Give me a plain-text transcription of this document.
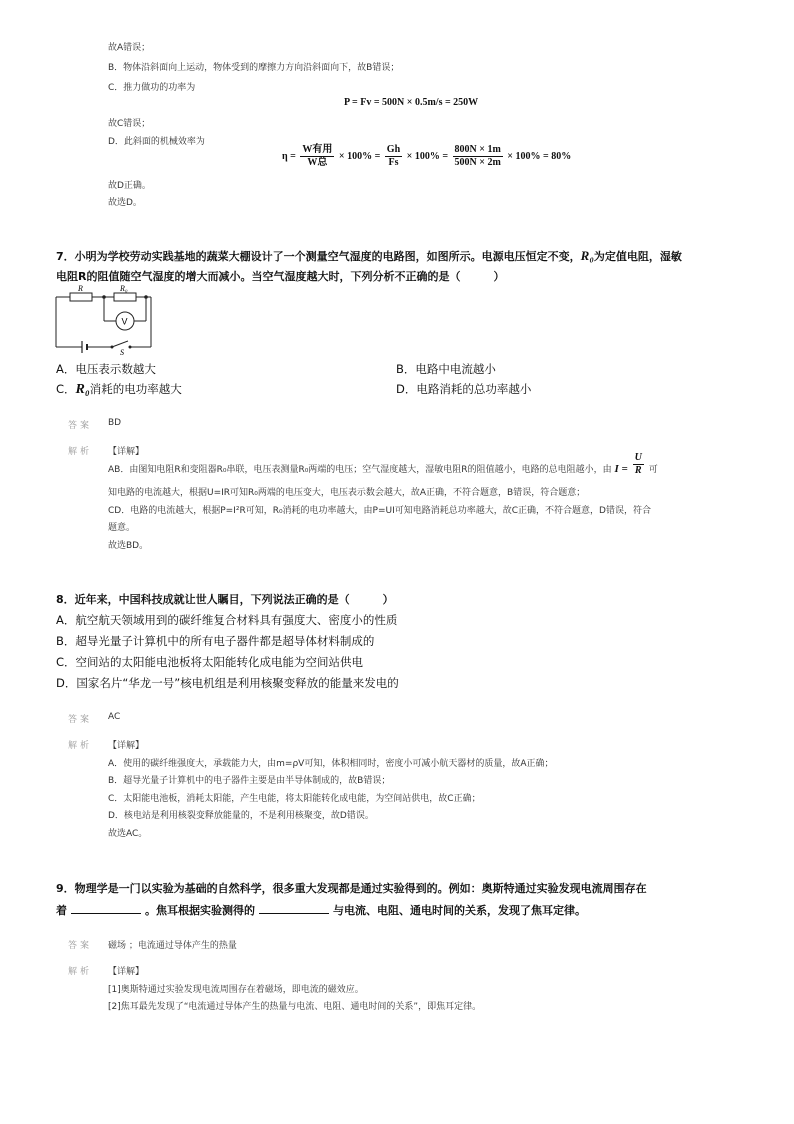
故A错误；
B．物体沿斜面向上运动，物体受到的摩擦力方向沿斜面向下，故B错误；
C．推力做功的功率为
P = Fv = 500N × 0.5m/s = 250W
故C错误；
D．此斜面的机械效率为
$\eta = \frac{\text{W有用}}{\text{W总}} \times 100\% = \frac{Gh}{Fs} \times 100\% = \frac{800N \times 1m}{500N \times 2m} \times 100\% = 80\%$
故D正确。
故选D。
7．小明为学校劳动实践基地的蔬菜大棚设计了一个测量空气湿度的电路图，如图所示。电源电压恒定不变，R₀为定值电阻，湿敏
电阻R的阻值随空气湿度的增大而减小。当空气湿度越大时，下列分析不正确的是（　　　）
R	R₀
V
S
A．电压表示数越大	B．电路中电流越小
C．R₀消耗的电功率越大	D．电路消耗的总功率越小
答案 BD
解析 【详解】
AB．由图知电阻R和变阻器R₀串联，电压表测量R₀两端的电压；空气湿度越大，湿敏电阻R的阻值越小，电路的总电阻越小，由 $I = \frac{U}{R}$ 可
知电路的电流越大，根据U=IR可知R₀两端的电压变大，电压表示数会越大，故A正确，不符合题意，B错误，符合题意；
CD．电路的电流越大，根据P=I²R可知，R₀消耗的电功率越大，由P=UI可知电路消耗总功率越大，故C正确，不符合题意，D错误，符合
题意。
故选BD。
8．近年来，中国科技成就让世人瞩目，下列说法正确的是（　　　）
A．航空航天领域用到的碳纤维复合材料具有强度大、密度小的性质
B．超导光量子计算机中的所有电子器件都是超导体材料制成的
C．空间站的太阳能电池板将太阳能转化成电能为空间站供电
D．国家名片“华龙一号”核电机组是利用核聚变释放的能量来发电的
答案 AC
解析 【详解】
A．使用的碳纤维强度大，承载能力大，由m=ρV可知，体积相同时，密度小可减小航天器材的质量，故A正确；
B．超导光量子计算机中的电子器件主要是由半导体制成的，故B错误；
C．太阳能电池板，消耗太阳能，产生电能，将太阳能转化成电能，为空间站供电，故C正确；
D．核电站是利用核裂变释放能量的，不是利用核聚变，故D错误。
故选AC。
9．物理学是一门以实验为基础的自然科学，很多重大发现都是通过实验得到的。例如：奥斯特通过实验发现电流周围存在
着	。焦耳根据实验测得的	与电流、电阻、通电时间的关系，发现了焦耳定律。
答案 磁场 ；电流通过导体产生的热量
解析 【详解】
[1]奥斯特通过实验发现电流周围存在着磁场，即电流的磁效应。
[2]焦耳最先发现了“电流通过导体产生的热量与电流、电阻、通电时间的关系”，即焦耳定律。
